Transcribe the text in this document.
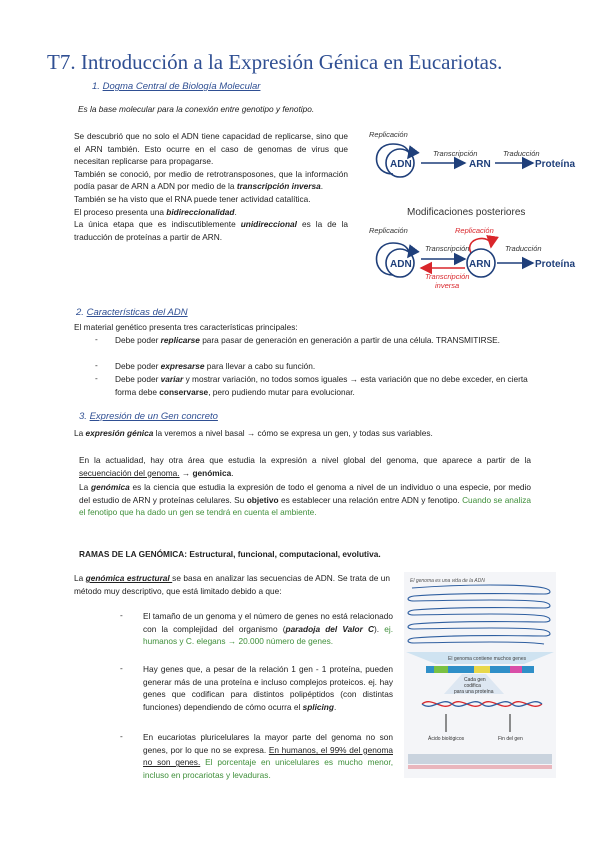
T7. Introducción a la Expresión Génica en Eucariotas.
1. Dogma Central de Biología Molecular
Es la base molecular para la conexión entre genotipo y fenotipo.
Se descubrió que no solo el ADN tiene capacidad de replicarse, sino que el ARN también. Esto ocurre en el caso de genomas de virus que necesitan replicarse para propagarse.
También se conoció, por medio de retrotransposones, que la información podía pasar de ARN a ADN por medio de la transcripción inversa.
También se ha visto que el RNA puede tener actividad catalítica.
El proceso presenta una bidireccionalidad.
La única etapa que es indiscutiblemente unidireccional es la de la traducción de proteínas a partir de ARN.
Replicación
ADN
Transcripción
ARN
Traducción
Proteína
Modificaciones posteriores
Replicación
ADN
Replicación
Transcripción
Transcripción
inversa
ARN
Traducción
Proteína
2. Características del ADN
El material genético presenta tres características principales:
- Debe poder replicarse para pasar de generación en generación a partir de una célula. TRANSMITIRSE.
- Debe poder expresarse para llevar a cabo su función.
- Debe poder variar y mostrar variación, no todos somos iguales → esta variación que no debe exceder, en cierta forma debe conservarse, pero pudiendo mutar para evolucionar.
3. Expresión de un Gen concreto
La expresión génica la veremos a nivel basal → cómo se expresa un gen, y todas sus variables.
En la actualidad, hay otra área que estudia la expresión a nivel global del genoma, que aparece a partir de la secuenciación del genoma. → genómica.
La genómica es la ciencia que estudia la expresión de todo el genoma a nivel de un individuo o una especie, por medio del estudio de ARN y proteínas celulares. Su objetivo es establecer una relación entre ADN y fenotipo. Cuando se analiza el fenotipo que ha dado un gen se tendrá en cuenta el ambiente.
RAMAS DE LA GENÓMICA: Estructural, funcional, computacional, evolutiva.
La genómica estructural se basa en analizar las secuencias de ADN. Se trata de un método muy descriptivo, que está limitado debido a que:
- El tamaño de un genoma y el número de genes no está relacionado con la complejidad del organismo (paradoja del Valor C). ej. humanos y C. elegans → 20.000 número de genes.
- Hay genes que, a pesar de la relación 1 gen - 1 proteína, pueden generar más de una proteína e incluso complejos proteicos. ej. hay genes que codifican para distintos polipéptidos (con distintas funciones) dependiendo de cómo ocurra el splicing.
- En eucariotas pluricelulares la mayor parte del genoma no son genes, por lo que no se expresa. En humanos, el 99% del genoma no son genes. El porcentaje en unicelulares es mucho menor, incluso en procariotas y levaduras.
El genoma es una vida de la ADN
El genoma contiene muchos genes
Cada gen
codifica
para una proteína
Ácido biológicos	Fin del gen
